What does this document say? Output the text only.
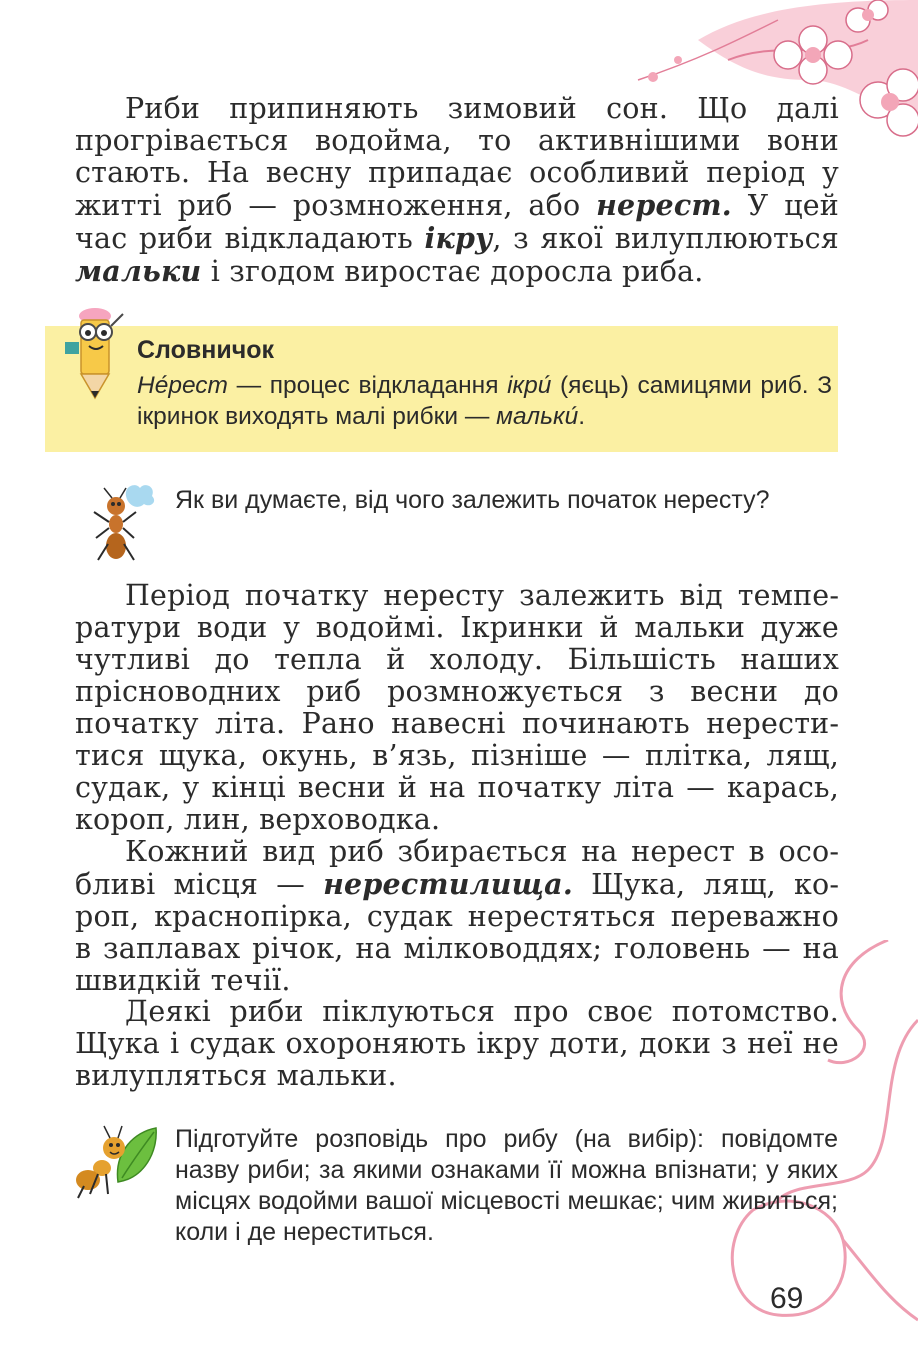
Риби припиняють зимовий сон. Що далі прогрівається водойма, то активнішими вони стають. На весну припадає особливий період у житті риб — розмноження, або нерест. У цей час риби відкладають ікру, з якої вилуплюються мальки і згодом виростає доросла риба.
Словничок
Не́рест — процес відкладання ікри́ (яєць) самицями риб. З ікринок виходять малі рибки — мальки́.
Як ви думаєте, від чого залежить початок нересту?
Період початку нересту залежить від температури води у водоймі. Ікринки й мальки дуже чутливі до тепла й холоду. Більшість наших прісноводних риб розмножується з весни до початку літа. Рано навесні починають нереститися щука, окунь, в’язь, пізніше — плітка, лящ, судак, у кінці весни й на початку літа — карась, короп, лин, верховодка.
Кожний вид риб збирається на нерест в особливі місця — нерестилища. Щука, лящ, короп, краснопірка, судак нерестяться переважно в заплавах річок, на мілководдях; головень — на швидкій течії.
Деякі риби піклуються про своє потомство. Щука і судак охороняють ікру доти, доки з неї не вилупляться мальки.
Підготуйте розповідь про рибу (на вибір): повідомте назву риби; за якими ознаками її можна впізнати; у яких місцях водойми вашої місцевості мешкає; чим живиться; коли і де нереститься.
69
